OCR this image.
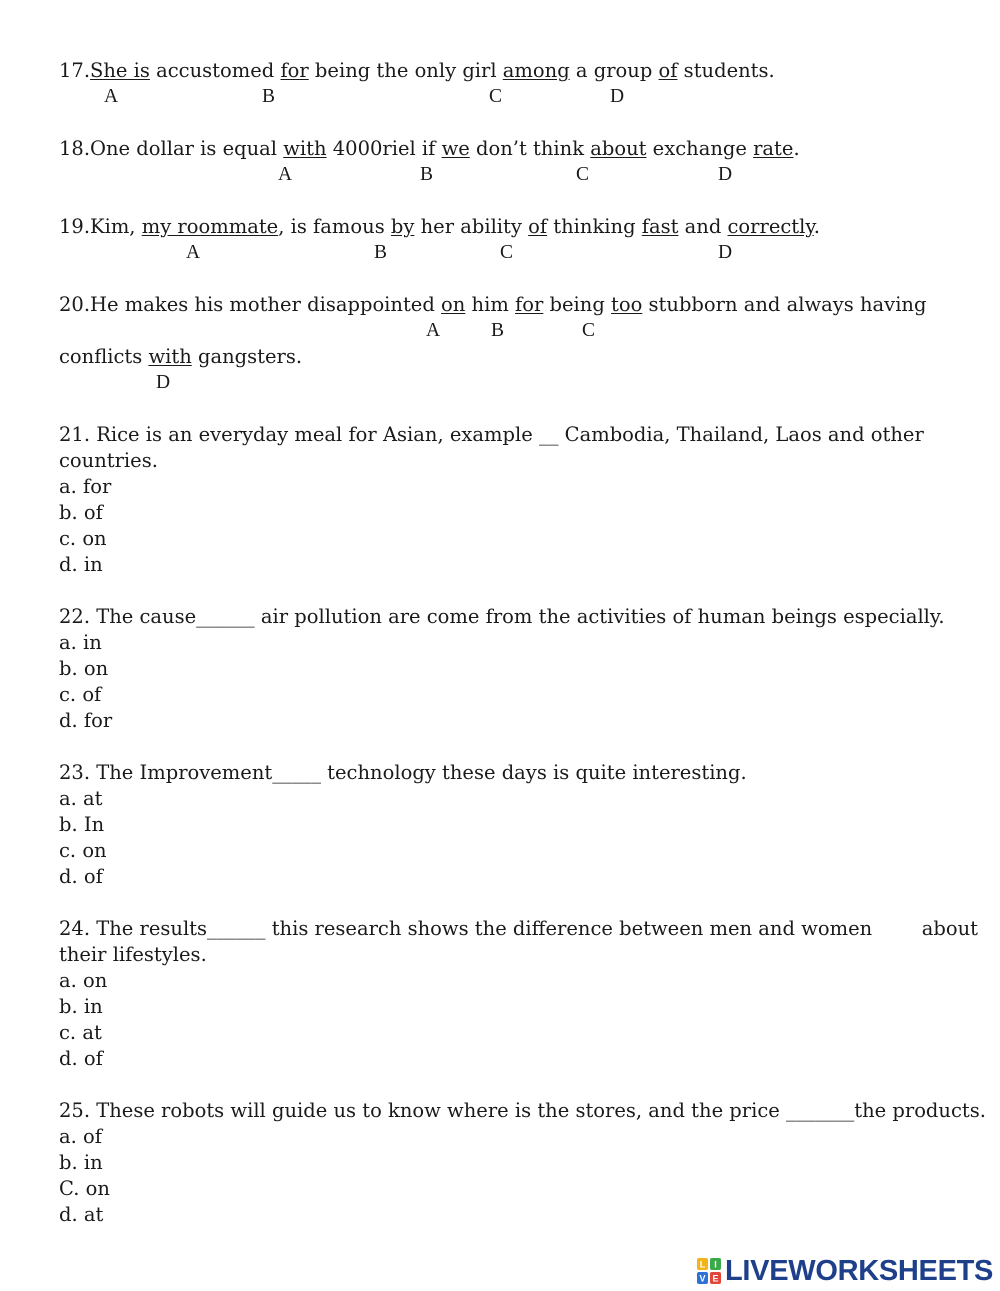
17.She is accustomed for being the only girl among a group of students.
A	B	C	D
18.One dollar is equal with 4000riel if we don’t think about exchange rate.
A	B	C	D
19.Kim, my roommate, is famous by her ability of thinking fast and correctly.
A	B	C	D
20.He makes his mother disappointed on him for being too stubborn and always having
A	B	C
conflicts with gangsters.
D
21. Rice is an everyday meal for Asian, example __ Cambodia, Thailand, Laos and other
countries.
a. for
b. of
c. on
d. in
22. The cause______ air pollution are come from the activities of human beings especially.
a. in
b. on
c. of
d. for
23. The Improvement_____ technology these days is quite interesting.
a. at
b. In
c. on
d. of
24. The results______ this research shows the difference between men and women        about
their lifestyles.
a. on
b. in
c. at
d. of
25. These robots will guide us to know where is the stores, and the price _______the products.
a. of
b. in
C. on
d. at
L I
V E LIVEWORKSHEETS
